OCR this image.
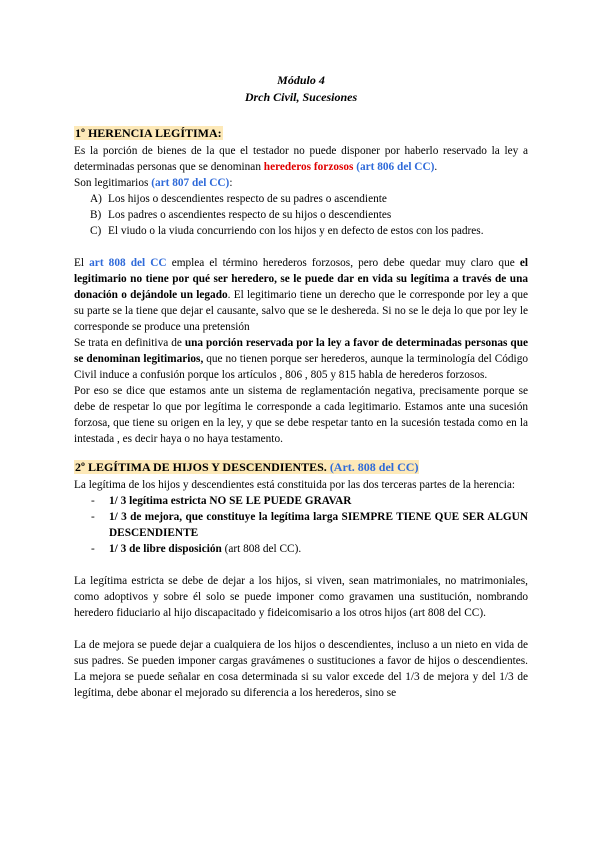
Módulo 4
Drch Civil, Sucesiones
1º HERENCIA LEGÍTIMA:

Es la porción de bienes de la que el testador no puede disponer por haberlo reservado la ley a determinadas personas que se denominan herederos forzosos (art 806 del CC).

Son legitimarios (art 807 del CC):

A) Los hijos o descendientes respecto de su padres o ascendiente
B) Los padres o ascendientes respecto de su hijos o descendientes
C) El viudo o la viuda concurriendo con los hijos y en defecto de estos con los padres.

El art 808 del CC emplea el término herederos forzosos, pero debe quedar muy claro que el legitimario no tiene por qué ser heredero, se le puede dar en vida su legítima a través de una donación o dejándole un legado. El legitimario tiene un derecho que le corresponde por ley a que su parte se la tiene que dejar el causante, salvo que se le deshereda. Si no se le deja lo que por ley le corresponde se produce una pretensión

Se trata en definitiva de una porción reservada por la ley a favor de determinadas personas que se denominan legitimarios, que no tienen porque ser herederos, aunque la terminología del Código Civil induce a confusión porque los artículos , 806 , 805 y 815 habla de herederos forzosos.

Por eso se dice que estamos ante un sistema de reglamentación negativa, precisamente porque se debe de respetar lo que por legítima le corresponde a cada legitimario. Estamos ante una sucesión forzosa, que tiene su origen en la ley, y que se debe respetar tanto en la sucesión testada como en la intestada , es decir haya o no haya testamento.

2º LEGÍTIMA DE HIJOS Y DESCENDIENTES. (Art. 808 del CC)

La legítima de los hijos y descendientes está constituida por las dos terceras partes de la herencia:

- 1/ 3 legítima estricta NO SE LE PUEDE GRAVAR
- 1/ 3 de mejora, que constituye la legítima larga SIEMPRE TIENE QUE SER ALGUN DESCENDIENTE
- 1/ 3 de libre disposición (art 808 del CC).

La legítima estricta se debe de dejar a los hijos, si viven, sean matrimoniales, no matrimoniales, como adoptivos y sobre él solo se puede imponer como gravamen una sustitución, nombrando heredero fiduciario al hijo discapacitado y fideicomisario a los otros hijos (art 808 del CC).

La de mejora se puede dejar a cualquiera de los hijos o descendientes, incluso a un nieto en vida de sus padres. Se pueden imponer cargas gravámenes o sustituciones a favor de hijos o descendientes. La mejora se puede señalar en cosa determinada si su valor excede del 1/3 de mejora y del 1/3 de legítima, debe abonar el mejorado su diferencia a los herederos, sino se
